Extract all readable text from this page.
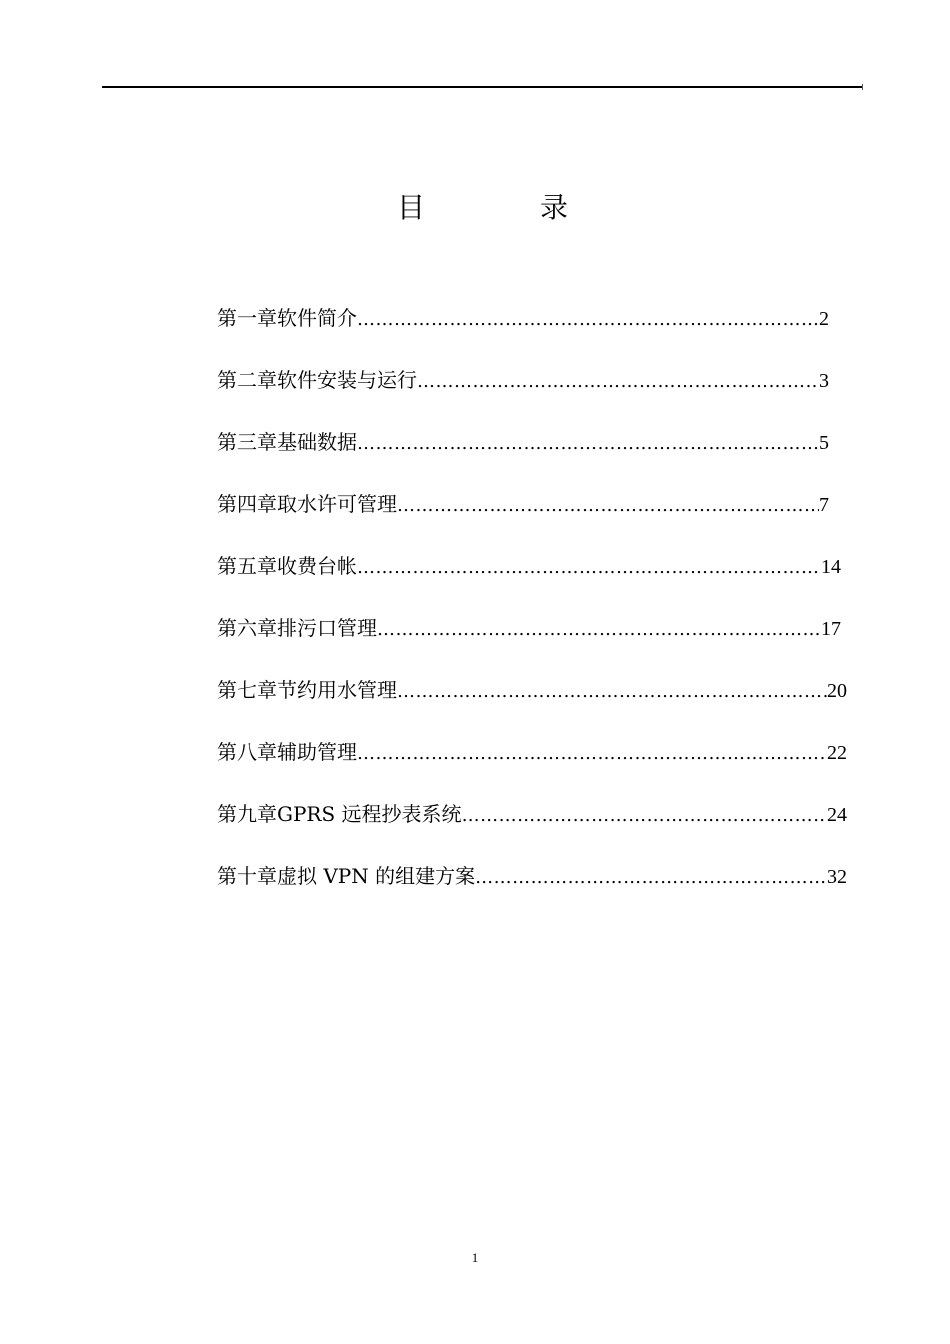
目	录
第一章 软件简介 ……………………………………………………………………………………………………………………	2
第二章 软件安装与运行 ……………………………………………………………………………………………………………………	3
第三章 基础数据 ……………………………………………………………………………………………………………………	5
第四章 取水许可管理 ……………………………………………………………………………………………………………………	7
第五章 收费台帐 ……………………………………………………………………………………………………………………	14
第六章 排污口管理 ……………………………………………………………………………………………………………………	17
第七章 节约用水管理 ……………………………………………………………………………………………………………………	20
第八章 辅助管理 ……………………………………………………………………………………………………………………	22
第九章 GPRS 远程抄表系统 ……………………………………………………………………………………………………………………	24
第十章 虚拟 VPN 的组建方案 ……………………………………………………………………………………………………………………	32
1
